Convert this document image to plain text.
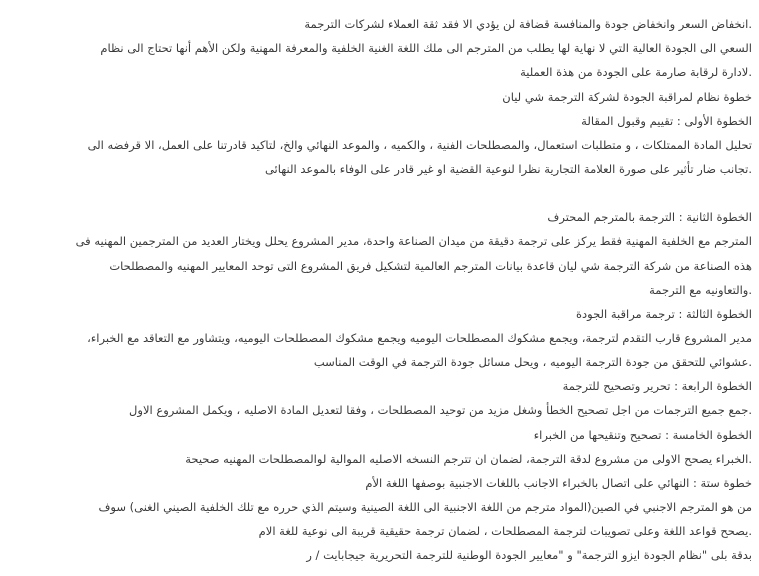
.انخفاض السعر وانخفاض جودة والمنافسة قضافة لن يؤدي الا فقد ثقة العملاء لشركات الترجمة
السعي الى الجودة العالية التي لا نهاية لها يطلب من المترجم الى ملك اللغة الغنية الخلفية والمعرفة المهنية ولكن الأهم أنها تحتاج الى نظام
.لادارة لرقابة صارمة على الجودة من هذة العملية
خطوة نظام لمراقبة الجودة لشركة الترجمة شي ليان
الخطوة الأولى : تقييم وقبول المقالة
تحليل المادة الممتلكات ، و متطلبات استعمال، والمصطلحات الفنية ، والكميه ، والموعد النهائي والخ، لتاكيد قادرتنا على العمل، الا قرفضه الى
.تجانب ضار تأثير على صورة العلامة التجارية نظرا لنوعية القضية او غير قادر على الوفاء بالموعد النهائى
الخطوة الثانية : الترجمة بالمترجم المحترف
المترجم مع الخلفية المهنية فقط يركز على ترجمة دقيقة من ميدان الصناعة واحدة، مدير المشروع يحلل ويختار العديد من المترجمين المهنيه فى
هذه الصناعة من شركة الترجمة شي ليان قاعدة بيانات المترجم العالمية لتشكيل فريق المشروع التى توحد المعايير المهنيه والمصطلحات
.والتعاونيه مع الترجمة
الخطوة الثالثة : ترجمة مراقبة الجودة
مدير المشروع قارب التقدم لترجمة، ويجمع مشكوك المصطلحات اليوميه ويجمع مشكوك المصطلحات اليوميه، ويتشاور مع التعاقد مع الخبراء،
.عشوائي للتحقق من جودة الترجمة اليوميه ، ويحل مسائل جودة الترجمة في الوقت المناسب
الخطوة الرابعة : تحرير وتصحيح للترجمة
.جمع جميع الترجمات من اجل تصحيح الخطأ وشغل مزيد من توحيد المصطلحات ، وفقا لتعديل المادة الاصليه ، ويكمل المشروع الاول
الخطوة الخامسة : تصحيح وتنقيحها من الخبراء
.الخبراء يصحح الاولى من مشروع لدقة الترجمة، لضمان ان تترجم النسخه الاصليه الموالية لوالمصطلحات المهنيه صحيحة
خطوة ستة : النهائي على اتصال بالخبراء الاجانب باللغات الاجنبية بوصفها اللغة الأم
من هو المترجم الاجنبي في الصين(المواد مترجم من اللغة الاجنبية الى اللغة الصينية وسيتم الذي حرره مع تلك الخلفية الصيني الغنى) سوف
.يصحح قواعد اللغة وعلى تصويبات لترجمة المصطلحات ، لضمان ترجمة حقيقية قريبة الى نوعية للغة الام
بدقة بلى "نظام الجودة ايزو الترجمة" و "معايير الجودة الوطنية للترجمة التحريرية جيجابايت / ر
